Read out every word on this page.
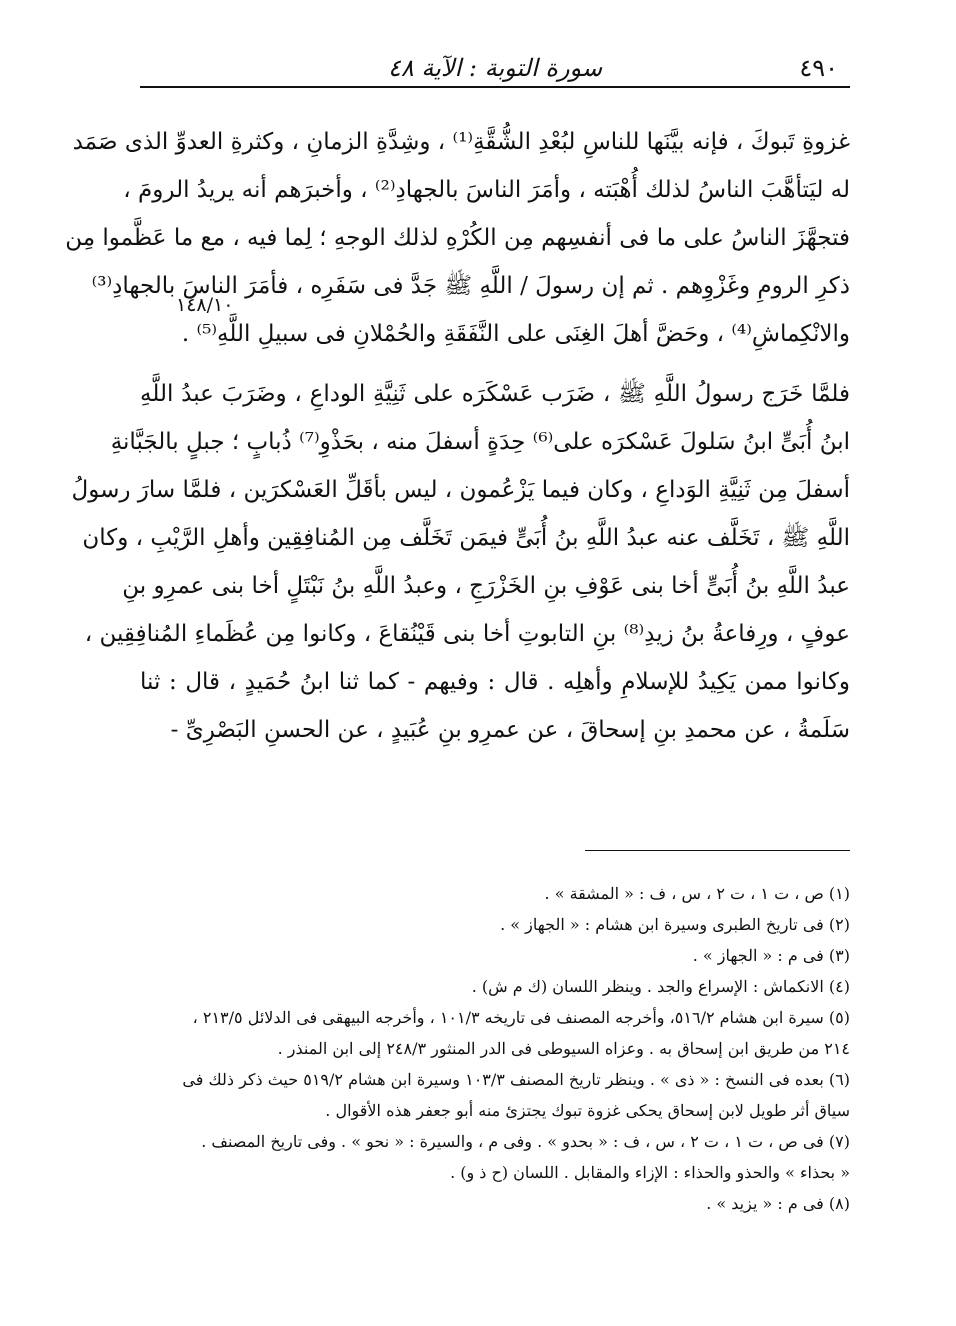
٤٩٠
سورة التوبة : الآية ٤٨
١٤٨/١٠
غزوةِ تَبوكَ ، فإنه بيَّنَها للناسِ لبُعْدِ الشُّقَّةِ⁽¹⁾ ، وشِدَّةِ الزمانِ ، وكثرةِ العدوِّ الذى صَمَد
له ليَتأهَّبَ الناسُ لذلك أُهْبَته ، وأمَرَ الناسَ بالجهادِ⁽²⁾ ، وأخبرَهم أنه يريدُ الرومَ ،
فتجهَّزَ الناسُ على ما فى أنفسِهم مِن الكُرْهِ لذلك الوجهِ ؛ لِما فيه ، مع ما عَظَّموا مِن
ذكرِ الرومِ وغَزْوِهم . ثم إن رسولَ / اللَّهِ ﷺ جَدَّ فى سَفَرِه ، فأمَرَ الناسَ بالجهادِ⁽³⁾
والانْكِماشِ⁽⁴⁾ ، وحَضَّ أهلَ الغِنَى على النَّفَقَةِ والحُمْلانِ فى سبيلِ اللَّهِ⁽⁵⁾ .
فلمَّا خَرَج رسولُ اللَّهِ ﷺ ، ضَرَب عَسْكَرَه على ثَنِيَّةِ الوداعِ ، وضَرَبَ عبدُ اللَّهِ
ابنُ أُبَىٍّ ابنُ سَلولَ عَسْكرَه على⁽⁶⁾ حِدَةٍ أسفلَ منه ، بحَذْوِ⁽⁷⁾ ذُبابٍ ؛ جبلٍ بالجَبَّانةِ
أسفلَ مِن ثَنِيَّةِ الوَداعِ ، وكان فيما يَزْعُمون ، ليس بأقَلِّ العَسْكرَين ، فلمَّا سارَ رسولُ
اللَّهِ ﷺ ، تَخَلَّف عنه عبدُ اللَّهِ بنُ أُبَىٍّ فيمَن تَخَلَّف مِن المُنافِقِين وأهلِ الرَّيْبِ ، وكان
عبدُ اللَّهِ بنُ أُبَىٍّ أخا بنى عَوْفِ بنِ الخَزْرَجِ ، وعبدُ اللَّهِ بنُ نَبْتَلٍ أخا بنى عمرِو بنِ
عوفٍ ، ورِفاعةُ بنُ زيدِ⁽⁸⁾ بنِ التابوتِ أخا بنى قَيْنُقاعَ ، وكانوا مِن عُظَماءِ المُنافِقِين ،
وكانوا ممن يَكِيدُ للإسلامِ وأهلِه . قال : وفيهم - كما ثنا ابنُ حُمَيدٍ ، قال : ثنا
سَلَمةُ ، عن محمدِ بنِ إسحاقَ ، عن عمرِو بنِ عُبَيدٍ ، عن الحسنِ البَصْرِىِّ -
(١) ص ، ت ١ ، ت ٢ ، س ، ف : « المشقة » .
(٢) فى تاريخ الطبرى وسيرة ابن هشام : « الجهاز » .
(٣) فى م : « الجهاز » .
(٤) الانكماش : الإسراع والجد . وينظر اللسان (ك م ش) .
(٥) سيرة ابن هشام ٥١٦/٢، وأخرجه المصنف فى تاريخه ١٠١/٣ ، وأخرجه البيهقى فى الدلائل ٢١٣/٥ ،
٢١٤ من طريق ابن إسحاق به . وعزاه السيوطى فى الدر المنثور ٢٤٨/٣ إلى ابن المنذر .
(٦) بعده فى النسخ : « ذى » . وينظر تاريخ المصنف ١٠٣/٣ وسيرة ابن هشام ٥١٩/٢ حيث ذكر ذلك فى
سياق أثر طويل لابن إسحاق يحكى غزوة تبوك يجتزئ منه أبو جعفر هذه الأقوال .
(٧) فى ص ، ت ١ ، ت ٢ ، س ، ف : « بحدو » . وفى م ، والسيرة : « نحو » . وفى تاريخ المصنف .
« بحذاء » والحذو والحذاء : الإزاء والمقابل . اللسان (ح ذ و) .
(٨) فى م : « يزيد » .
